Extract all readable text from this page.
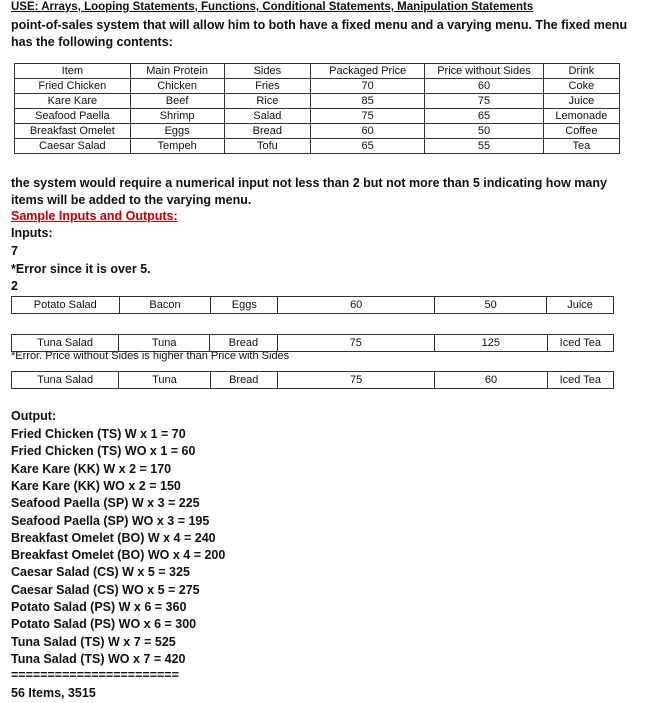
USE: Arrays, Looping Statements, Functions, Conditional Statements, Manipulation Statements
point-of-sales system that will allow him to both have a fixed menu and a varying menu. The fixed menu has the following contents:
Item	Main Protein	Sides	Packaged Price	Price without Sides	Drink
Fried Chicken	Chicken	Fries	70	60	Coke
Kare Kare	Beef	Rice	85	75	Juice
Seafood Paella	Shrimp	Salad	75	65	Lemonade
Breakfast Omelet	Eggs	Bread	60	50	Coffee
Caesar Salad	Tempeh	Tofu	65	55	Tea
the system would require a numerical input not less than 2 but not more than 5 indicating how many items will be added to the varying menu.
Sample Inputs and Outputs:
Inputs:
7
*Error since it is over 5.
2
Potato Salad	Bacon	Eggs	60	50	Juice
Tuna Salad	Tuna	Bread	75	125	Iced Tea
*Error. Price without Sides is higher than Price with Sides
Tuna Salad	Tuna	Bread	75	60	Iced Tea
Output:
Fried Chicken (TS) W x 1 = 70
Fried Chicken (TS) WO x 1 = 60
Kare Kare (KK) W x 2 = 170
Kare Kare (KK) WO x 2 = 150
Seafood Paella (SP) W x 3 = 225
Seafood Paella (SP) WO x 3 = 195
Breakfast Omelet (BO) W x 4 = 240
Breakfast Omelet (BO) WO x 4 = 200
Caesar Salad (CS) W x 5 = 325
Caesar Salad (CS) WO x 5 = 275
Potato Salad (PS) W x 6 = 360
Potato Salad (PS) WO x 6 = 300
Tuna Salad (TS) W x 7 = 525
Tuna Salad (TS) WO x 7 = 420
=======================
56 Items, 3515
